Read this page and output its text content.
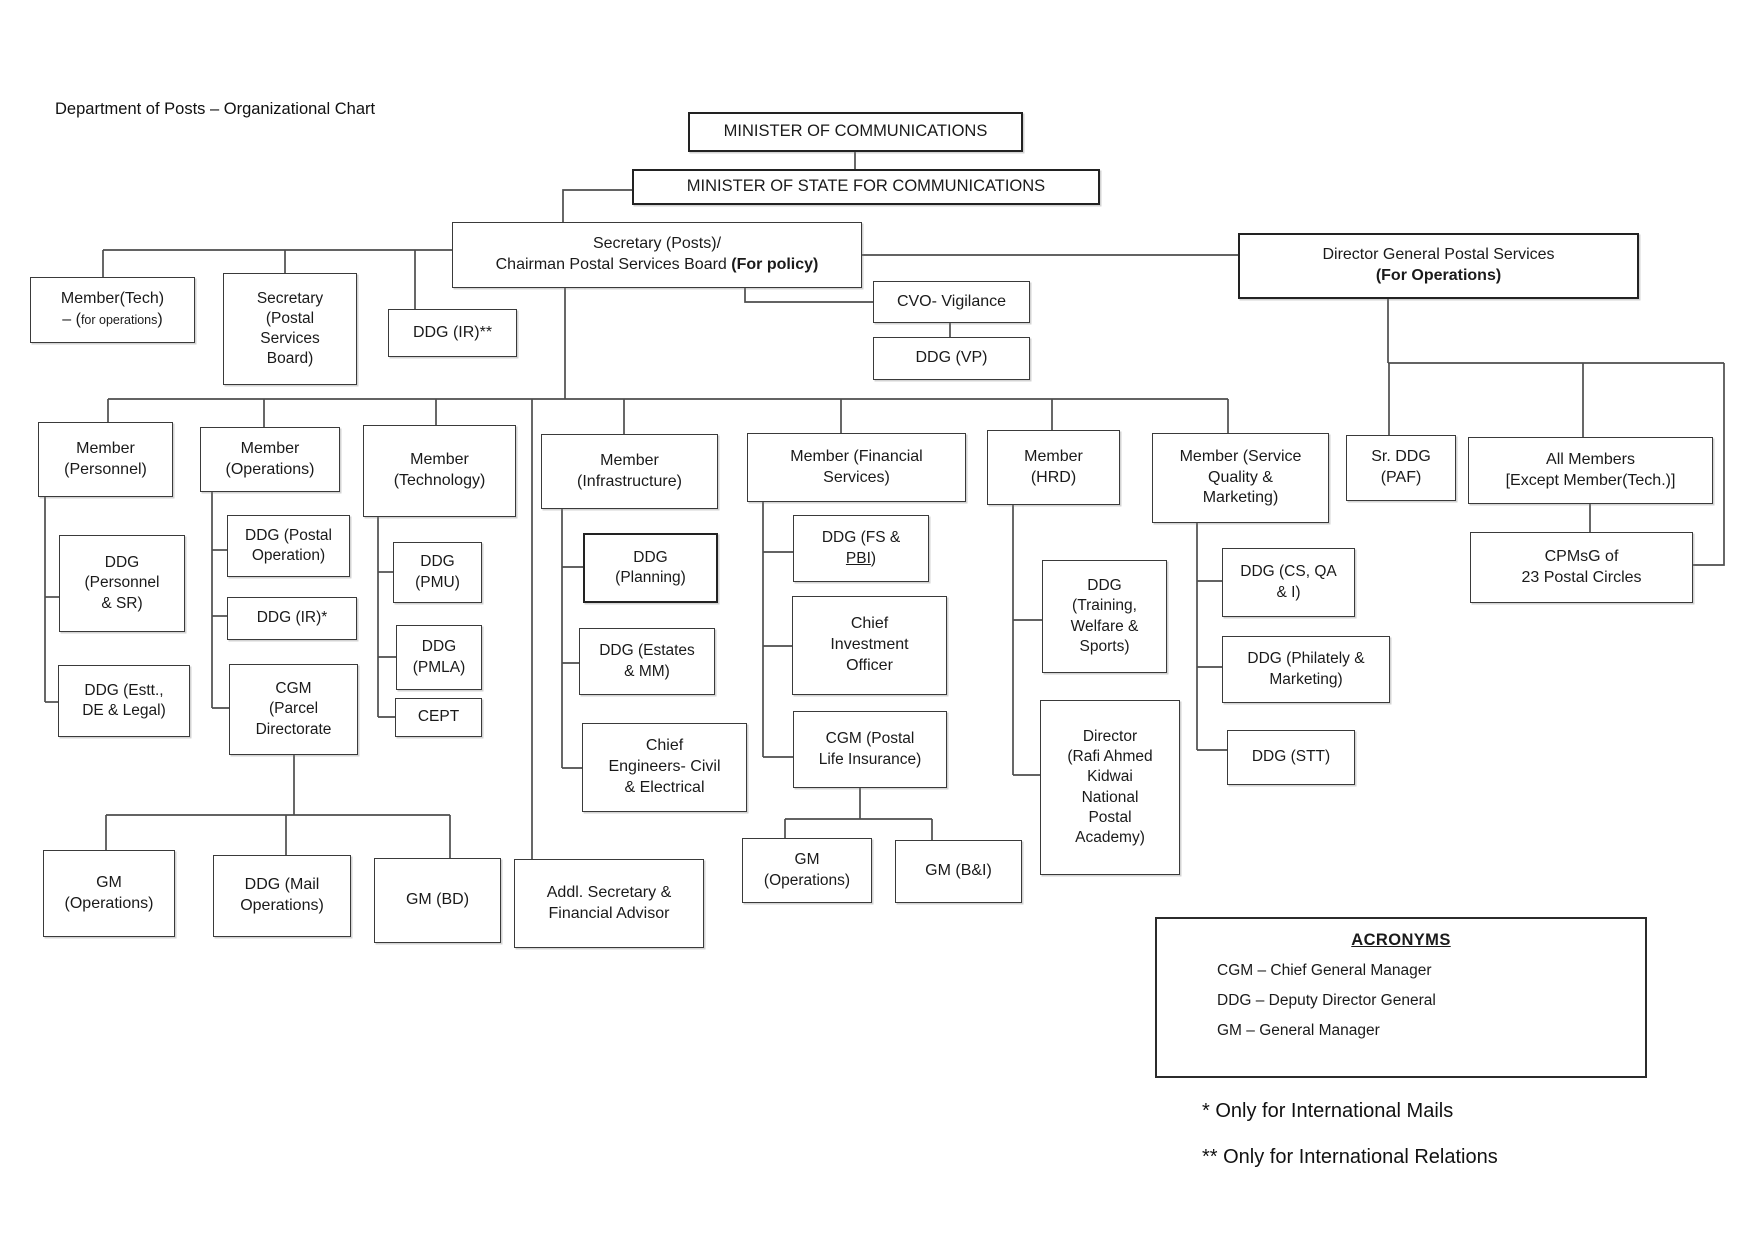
Department of Posts – Organizational Chart
MINISTER OF COMMUNICATIONS
MINISTER OF STATE FOR COMMUNICATIONS
Secretary (Posts)/
Chairman Postal Services Board (For policy)
Director General Postal Services
(For Operations)
Member(Tech)
– (for operations)
Secretary
(Postal
Services
Board)
DDG (IR)**
CVO- Vigilance
DDG (VP)
Member
(Personnel)
Member
(Operations)
Member
(Technology)
Member
(Infrastructure)
Member (Financial
Services)
Member
(HRD)
Member (Service
Quality &
Marketing)
Sr. DDG
(PAF)
All Members
[Except Member(Tech.)]
CPMsG of
23 Postal Circles
DDG
(Personnel
& SR)
DDG (Estt.,
DE & Legal)
DDG (Postal
Operation)
DDG (IR)*
CGM
(Parcel
Directorate
DDG
(PMU)
DDG
(PMLA)
CEPT
DDG
(Planning)
DDG (Estates
& MM)
Chief
Engineers- Civil
& Electrical
DDG (FS &
PBI)
Chief
Investment
Officer
CGM (Postal
Life Insurance)
GM
(Operations)
GM (B&I)
DDG
(Training,
Welfare &
Sports)
Director
(Rafi Ahmed
Kidwai
National
Postal
Academy)
DDG (CS, QA
& I)
DDG (Philately &
Marketing)
DDG (STT)
GM
(Operations)
DDG (Mail
Operations)	GM (BD)	Addl. Secretary &
Financial Advisor
ACRONYMS
CGM – Chief General Manager
DDG – Deputy Director General
GM – General Manager
* Only for International Mails
** Only for International Relations
